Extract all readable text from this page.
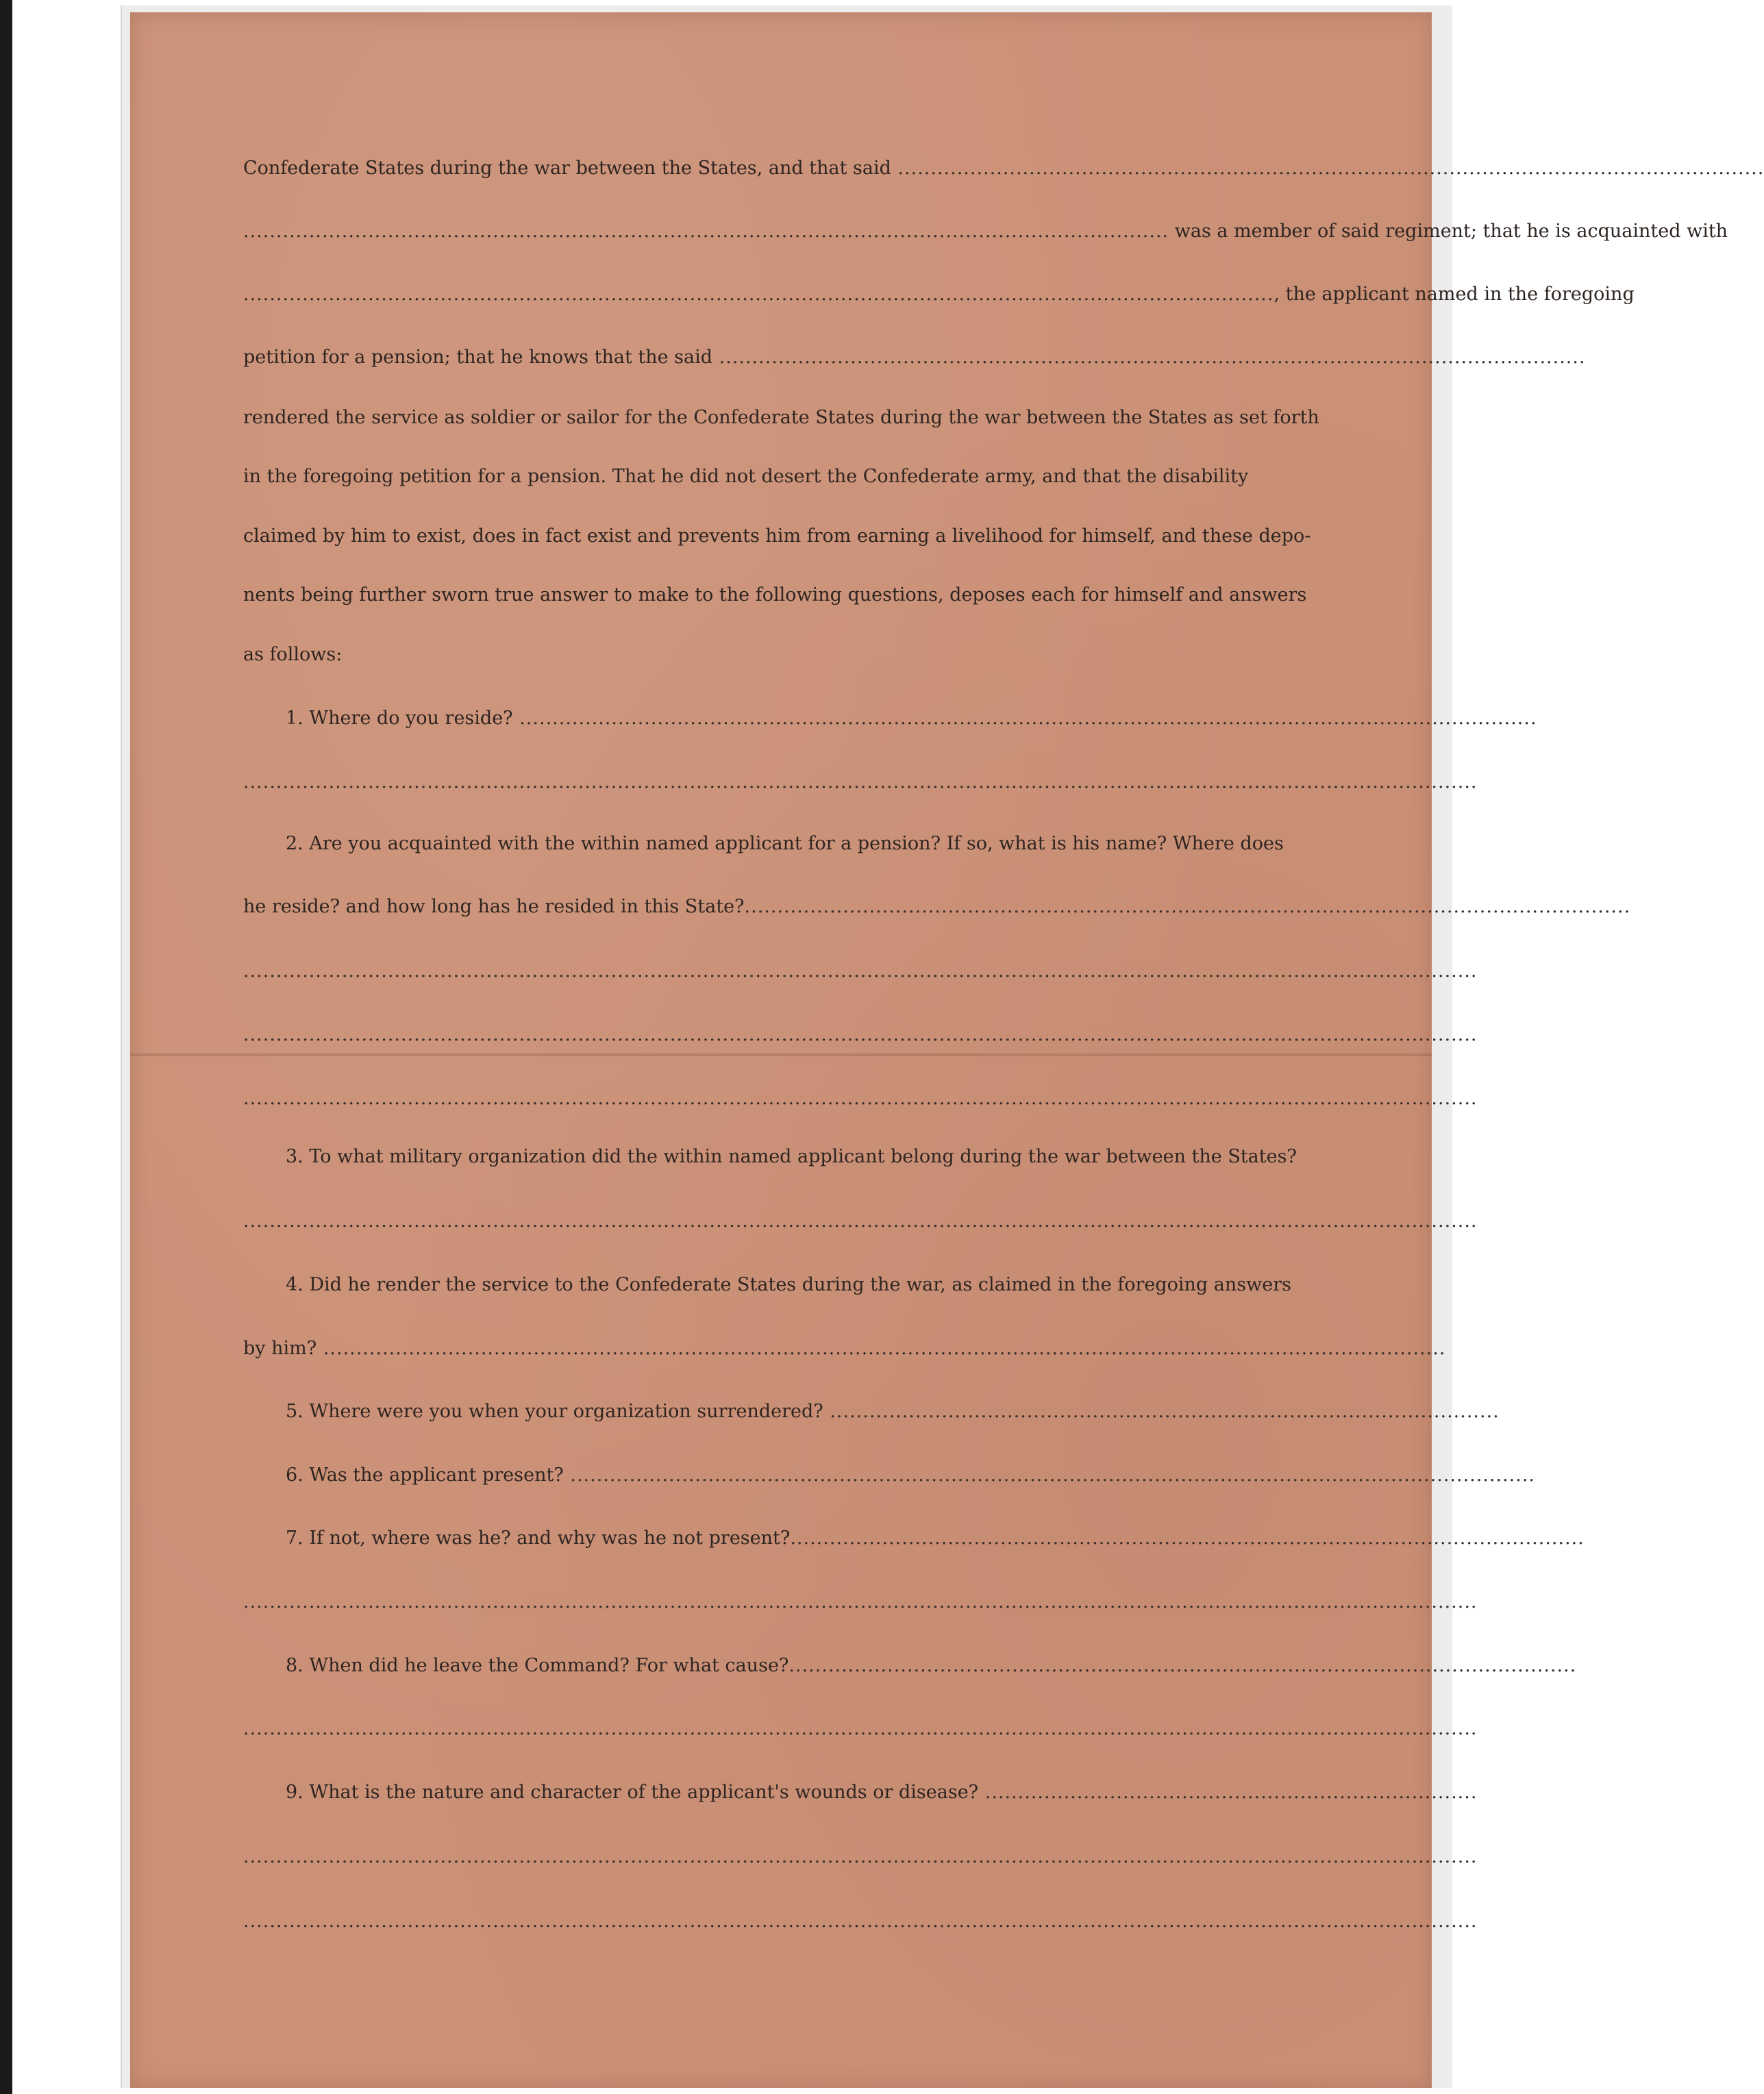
Confederate States during the war between the States, and that said ....................................................................................................................................
.............................................................................................................................................
was a member of said regiment; that he is acquainted with
............................................................................................................................................................. , the applicant named in the foregoing
petition for a pension; that he knows that the said ....................................................................................................................................
rendered the service as soldier or sailor for the Confederate States during the war between the States as set forth
in the foregoing petition for a pension. That he did not desert the Confederate army, and that the disability
claimed by him to exist, does in fact exist and prevents him from earning a livelihood for himself, and these depo-
nents being further sworn true answer to make to the following questions, deposes each for himself and answers
as follows:
1. Where do you reside? ...........................................................................................................................................................
............................................................................................................................................................................................
2. Are you acquainted with the within named applicant for a pension? If so, what is his name? Where does
he reside? and how long has he resided in this State? .......................................................................................................................................
............................................................................................................................................................................................
............................................................................................................................................................................................
............................................................................................................................................................................................
3. To what military organization did the within named applicant belong during the war between the States?
............................................................................................................................................................................................
4. Did he render the service to the Confederate States during the war, as claimed in the foregoing answers
by him? ...........................................................................................................................................................................
5. Where were you when your organization surrendered? ......................................................................................................
6. Was the applicant present? ...................................................................................................................................................
7. If not, where was he? and why was he not present? .........................................................................................................................
............................................................................................................................................................................................
8. When did he leave the Command? For what cause? ........................................................................................................................
............................................................................................................................................................................................
9. What is the nature and character of the applicant's wounds or disease? ...........................................................................
............................................................................................................................................................................................
............................................................................................................................................................................................
